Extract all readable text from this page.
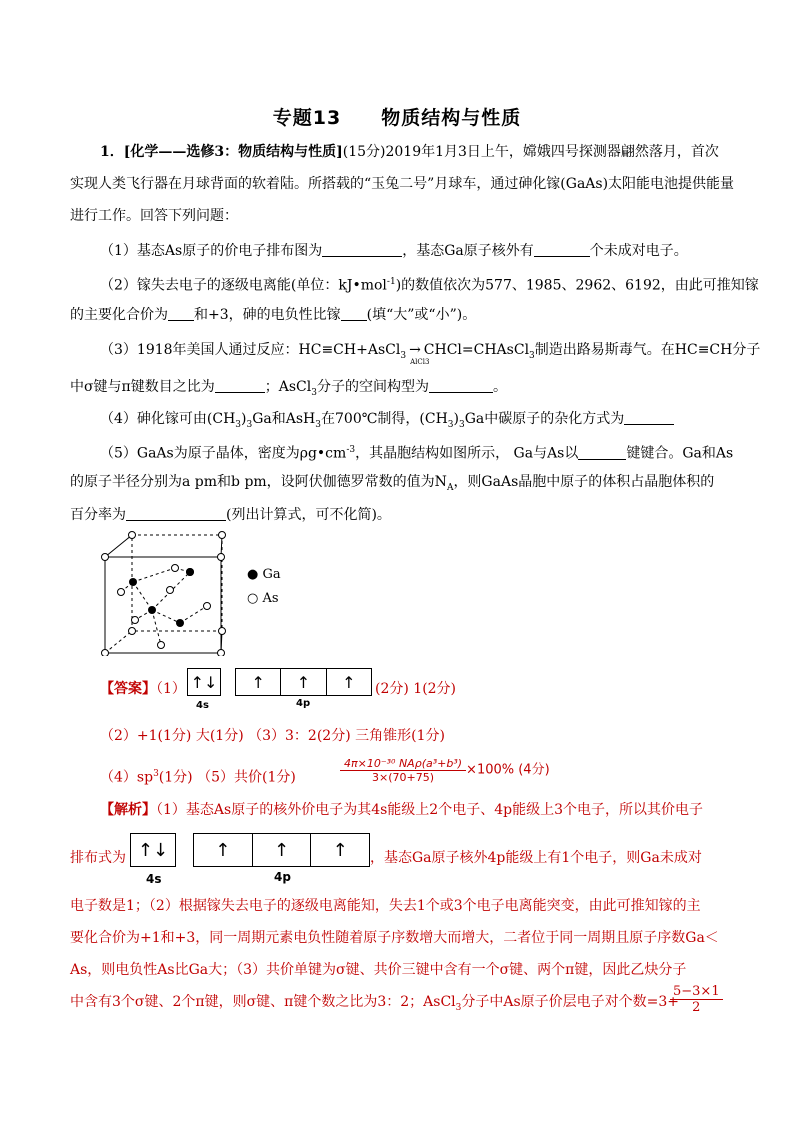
专题13 物质结构与性质
1．[化学——选修3：物质结构与性质](15分)2019年1月3日上午，嫦娥四号探测器翩然落月，首次
实现人类飞行器在月球背面的软着陆。所搭载的“玉兔二号”月球车，通过砷化镓(GaAs)太阳能电池提供能量
进行工作。回答下列问题：
（1）基态As原子的价电子排布图为	，基态Ga原子核外有	个未成对电子。
（2）镓失去电子的逐级电离能(单位：kJ•mol$^{-1}$)的数值依次为577、1985、2962、6192，由此可推知镓
的主要化合价为 和+3，砷的电负性比镓 (填“大”或“小”)。
（3）1918年美国人通过反应：HC≡CH+AsCl$_3$ →
AlCl3
CHCl=CHAsCl$_3$制造出路易斯毒气。在HC≡CH分子
中σ键与π键数目之比为	；AsCl$_3$分子的空间构型为	。
（4）砷化镓可由$(CH_3)_3Ga$和AsH$_3$在700℃制得，$(CH_3)_3Ga$中碳原子的杂化方式为
（5）GaAs为原子晶体，密度为$\rho g•cm^{-3}$，其晶胞结构如图所示， Ga与As以	键键合。Ga和As
的原子半径分别为a pm和b pm，设阿伏伽德罗常数的值为$N_A$，则GaAs晶胞中原子的体积占晶胞体积的
百分率为	(列出计算式，可不化简)。
● Ga
○ As
【答案】（1） ↑↓	↑	↑	↑
4s	4p
(2分) 1(2分)
（2）+1(1分) 大(1分) （3）3：2(2分) 三角锥形(1分)
$(4)sp^3(1$分) （5）共价(1分)	$\frac{\text{4π×10⁻³⁰ NAρ(a³+b³)}}{3\times(70+75)} \times 100\%$ (4分)
【解析】（1）基态As原子的核外价电子为其4s能级上2个电子、4p能级上3个电子，所以其价电子
排布式为 ↑↓	↑	↑	↑
4s	4p
，基态Ga原子核外4p能级上有1个电子，则Ga未成对
电子数是1；（2）根据镓失去电子的逐级电离能知，失去1个或3个电子电离能突变，由此可推知镓的主
要化合价为+1和+3，同一周期元素电负性随着原子序数增大而增大，二者位于同一周期且原子序数Ga＜
As，则电负性As比Ga大；（3）共价单键为σ键、共价三键中含有一个σ键、两个π键，因此乙炔分子
中含有3个σ键、2个π键，则σ键、π键个数之比为3：2；AsCl$_3$分子中As原子价层电子对个数=3+
$\frac{5-3\times 1}{2}$
